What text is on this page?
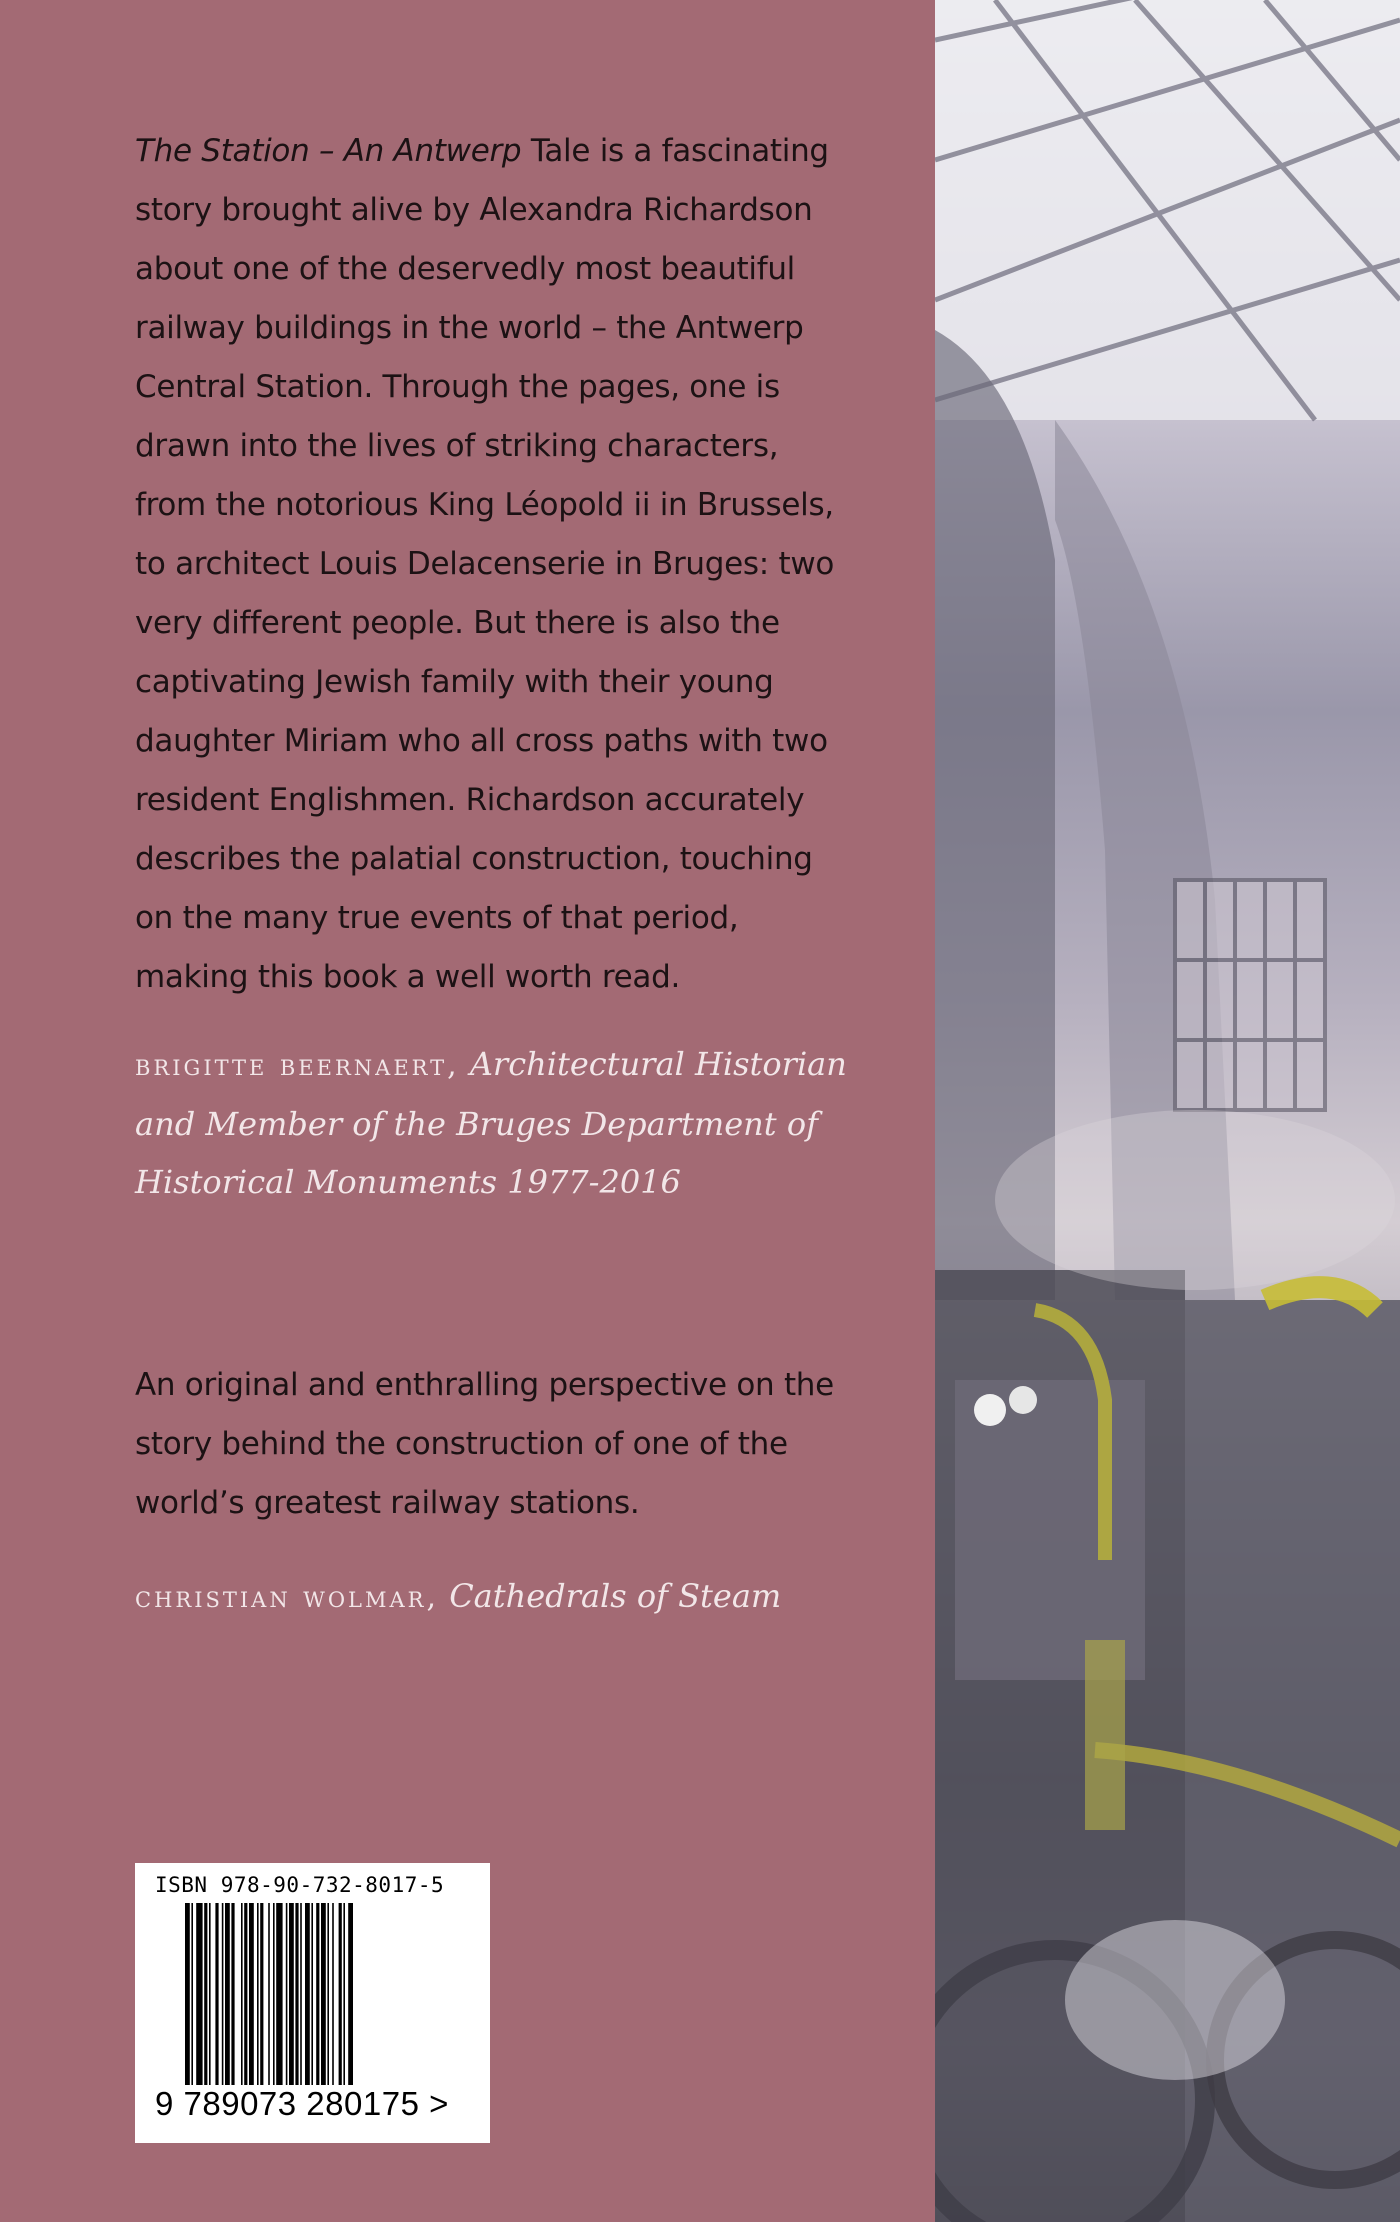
The Station – An Antwerp Tale is a fascinating story brought alive by Alexandra Richardson about one of the deservedly most beautiful railway buildings in the world – the Antwerp Central Station. Through the pages, one is drawn into the lives of striking characters, from the notorious King Léopold ii in Brussels, to architect Louis Delacenserie in Bruges: two very different people. But there is also the captivating Jewish family with their young daughter Miriam who all cross paths with two resident Englishmen. Richardson accurately describes the palatial construction, touching on the many true events of that period, making this book a well worth read.

brigitte beernaert, Architectural Historian and Member of the Bruges Department of Historical Monuments 1977-2016

An original and enthralling perspective on the story behind the construction of one of the world’s greatest railway stations.

christian wolmar, Cathedrals of Steam

ISBN 978-90-732-8017-5
9 789073 280175 >
